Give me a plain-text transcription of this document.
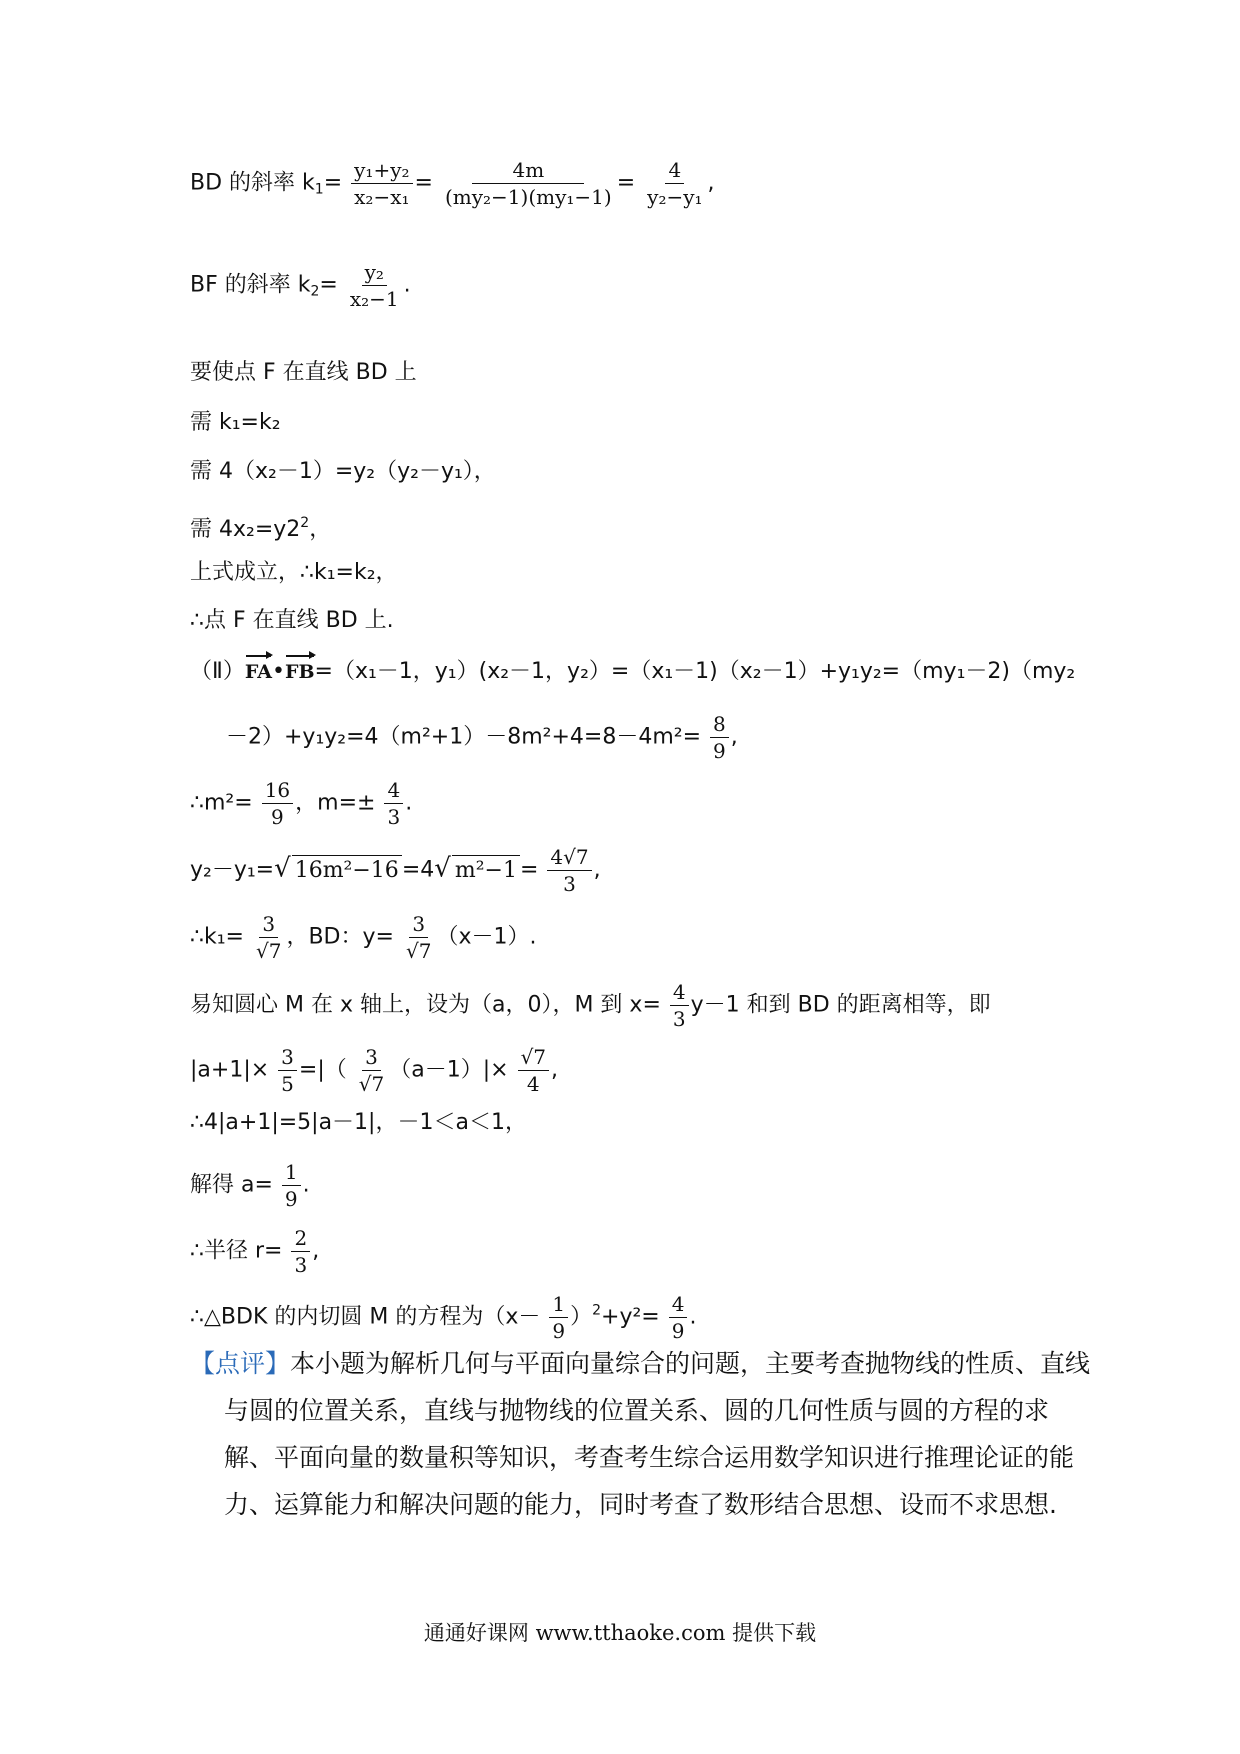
BD 的斜率 $k_1= \frac{\text{y₁+y₂}}{\text{x₂−x₁}} = \frac{4m}{\text{(my₂−1)(my₁−1)}} = \frac{4}{\text{y₂−y₁}}$ ,
BF 的斜率 $k_2= \frac{\text{y₂}}{\text{x₂−1}}$ .
要使点 F 在直线 BD 上
需 k₁=k₂
需 4（x₂－1）=y₂（y₂－y₁），
需 $4x_2=y2^2$，
上式成立，∴k₁=k₂，
∴点 F 在直线 BD 上.
（Ⅱ）FA•FB=（x₁－1，y₁）(x₂－1，y₂）=（x₁－1)（x₂－1）+y₁y₂=（my₁－2)（my₂
$-2)+y_1y_2=4(m^2+1)-8m^2+4=8-4m^2= \frac{8}{9}$ ,
∴m²= $\frac{16}{9}$ ，$m=\pm \frac{4}{3}$ .
y₂－y₁=√ 16m²−16 =4√ $m^2-1 = \frac{4√7}{3}$ ,
∴k₁= $\frac{3}{√7}$ ，BD：$y= \frac{3}{√7} (x-1)$.
易知圆心 M 在 x 轴上，设为（a，0），M 到 $x= \frac{4}{3} y-1$ 和到 BD 的距离相等，即
$|a+1|\times \frac{3}{5}$ =|（ $\frac{3}{√7} (a-1)|\times \frac{√7}{4}$ ,
∴4|a+1|=5|a－1|，－1＜a＜1，
解得 $a= \frac{1}{9}$ .
∴半径 $r= \frac{2}{3}$ ,
∴△BDK 的内切圆 M 的方程为$(x- \frac{1}{9} )^2+y^2= \frac{4}{9}$ .
【点评】本小题为解析几何与平面向量综合的问题，主要考查抛物线的性质、直线与圆的位置关系，直线与抛物线的位置关系、圆的几何性质与圆的方程的求解、平面向量的数量积等知识，考查考生综合运用数学知识进行推理论证的能力、运算能力和解决问题的能力，同时考查了数形结合思想、设而不求思想.
通通好课网 www.tthaoke.com 提供下载
